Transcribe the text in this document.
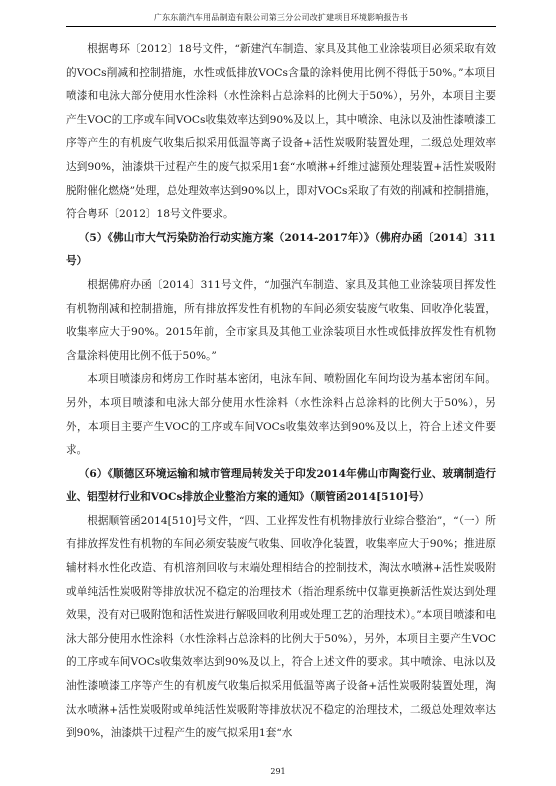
广东东箭汽车用品制造有限公司第三分公司改扩建项目环境影响报告书

根据粤环〔2012〕18号文件，“新建汽车制造、家具及其他工业涂装项目必须采取有效的VOCs削减和控制措施，水性或低排放VOCs含量的涂料使用比例不得低于50%。”本项目喷漆和电泳大部分使用水性涂料（水性涂料占总涂料的比例大于50%），另外，本项目主要产生VOC的工序或车间VOCs收集效率达到90%及以上，其中喷涂、电泳以及油性漆喷漆工序等产生的有机废气收集后拟采用低温等离子设备+活性炭吸附装置处理，二级总处理效率达到90%，油漆烘干过程产生的废气拟采用1套“水喷淋+纤维过滤预处理装置+活性炭吸附脱附催化燃烧”处理，总处理效率达到90%以上，即对VOCs采取了有效的削减和控制措施，符合粤环〔2012〕18号文件要求。

（5）《佛山市大气污染防治行动实施方案（2014-2017年）》（佛府办函〔2014〕311号）

根据佛府办函〔2014〕311号文件，“加强汽车制造、家具及其他工业涂装项目挥发性有机物削减和控制措施，所有排放挥发性有机物的车间必须安装废气收集、回收净化装置，收集率应大于90%。2015年前，全市家具及其他工业涂装项目水性或低排放挥发性有机物含量涂料使用比例不低于50%。”

本项目喷漆房和烤房工作时基本密闭，电泳车间、喷粉固化车间均设为基本密闭车间。另外，本项目喷漆和电泳大部分使用水性涂料（水性涂料占总涂料的比例大于50%），另外，本项目主要产生VOC的工序或车间VOCs收集效率达到90%及以上，符合上述文件要求。

（6）《顺德区环境运输和城市管理局转发关于印发2014年佛山市陶瓷行业、玻璃制造行业、铝型材行业和VOCs排放企业整治方案的通知》（顺管函2014[510]号）

根据顺管函2014[510]号文件，“四、工业挥发性有机物排放行业综合整治”，“（一）所有排放挥发性有机物的车间必须安装废气收集、回收净化装置，收集率应大于90%；推进原辅材料水性化改造、有机溶剂回收与末端处理相结合的控制技术，淘汰水喷淋+活性炭吸附或单纯活性炭吸附等排放状况不稳定的治理技术（指治理系统中仅靠更换新活性炭达到处理效果，没有对已吸附饱和活性炭进行解吸回收利用或处理工艺的治理技术）。”本项目喷漆和电泳大部分使用水性涂料（水性涂料占总涂料的比例大于50%），另外，本项目主要产生VOC的工序或车间VOCs收集效率达到90%及以上，符合上述文件的要求。其中喷涂、电泳以及油性漆喷漆工序等产生的有机废气收集后拟采用低温等离子设备+活性炭吸附装置处理，淘汰水喷淋+活性炭吸附或单纯活性炭吸附等排放状况不稳定的治理技术，二级总处理效率达到90%，油漆烘干过程产生的废气拟采用1套“水

291
